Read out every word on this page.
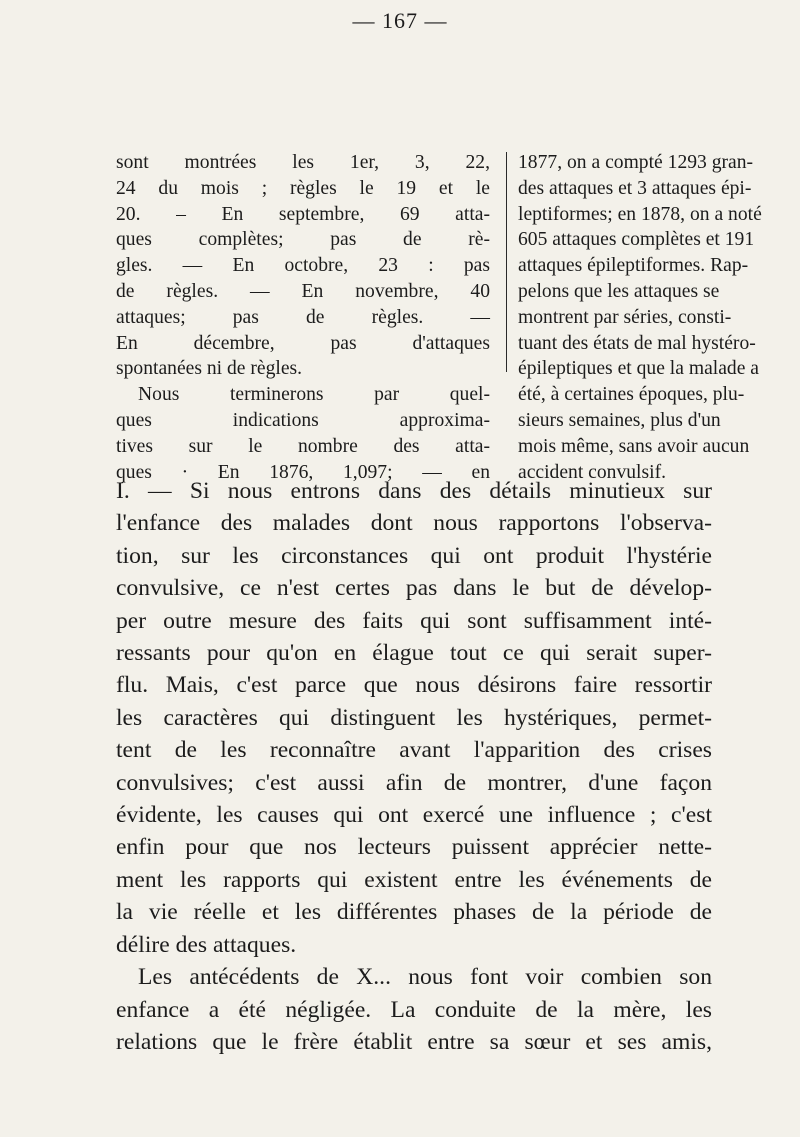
— 167 —
sont montrées les 1er, 3, 22,
24 du mois ; règles le 19 et le
20. – En septembre, 69 atta-
ques complètes; pas de rè-
gles. — En octobre, 23 : pas
de règles. — En novembre, 40
attaques; pas de règles. —
En décembre, pas d'attaques
spontanées ni de règles.
Nous terminerons par quel-
ques indications approxima-
tives sur le nombre des atta-
ques · En 1876, 1,097; — en
1877, on a compté 1293 gran-
des attaques et 3 attaques épi-
leptiformes; en 1878, on a noté
605 attaques complètes et 191
attaques épileptiformes. Rap-
pelons que les attaques se
montrent par séries, consti-
tuant des états de mal hystéro-
épileptiques et que la malade a
été, à certaines époques, plu-
sieurs semaines, plus d'un
mois même, sans avoir aucun
accident convulsif.
I. — Si nous entrons dans des détails minutieux sur
l'enfance des malades dont nous rapportons l'observa-
tion, sur les circonstances qui ont produit l'hystérie
convulsive, ce n'est certes pas dans le but de dévelop-
per outre mesure des faits qui sont suffisamment inté-
ressants pour qu'on en élague tout ce qui serait super-
flu. Mais, c'est parce que nous désirons faire ressortir
les caractères qui distinguent les hystériques, permet-
tent de les reconnaître avant l'apparition des crises
convulsives; c'est aussi afin de montrer, d'une façon
évidente, les causes qui ont exercé une influence ; c'est
enfin pour que nos lecteurs puissent apprécier nette-
ment les rapports qui existent entre les événements de
la vie réelle et les différentes phases de la période de
délire des attaques.
Les antécédents de X... nous font voir combien son
enfance a été négligée. La conduite de la mère, les
relations que le frère établit entre sa sœur et ses amis,
